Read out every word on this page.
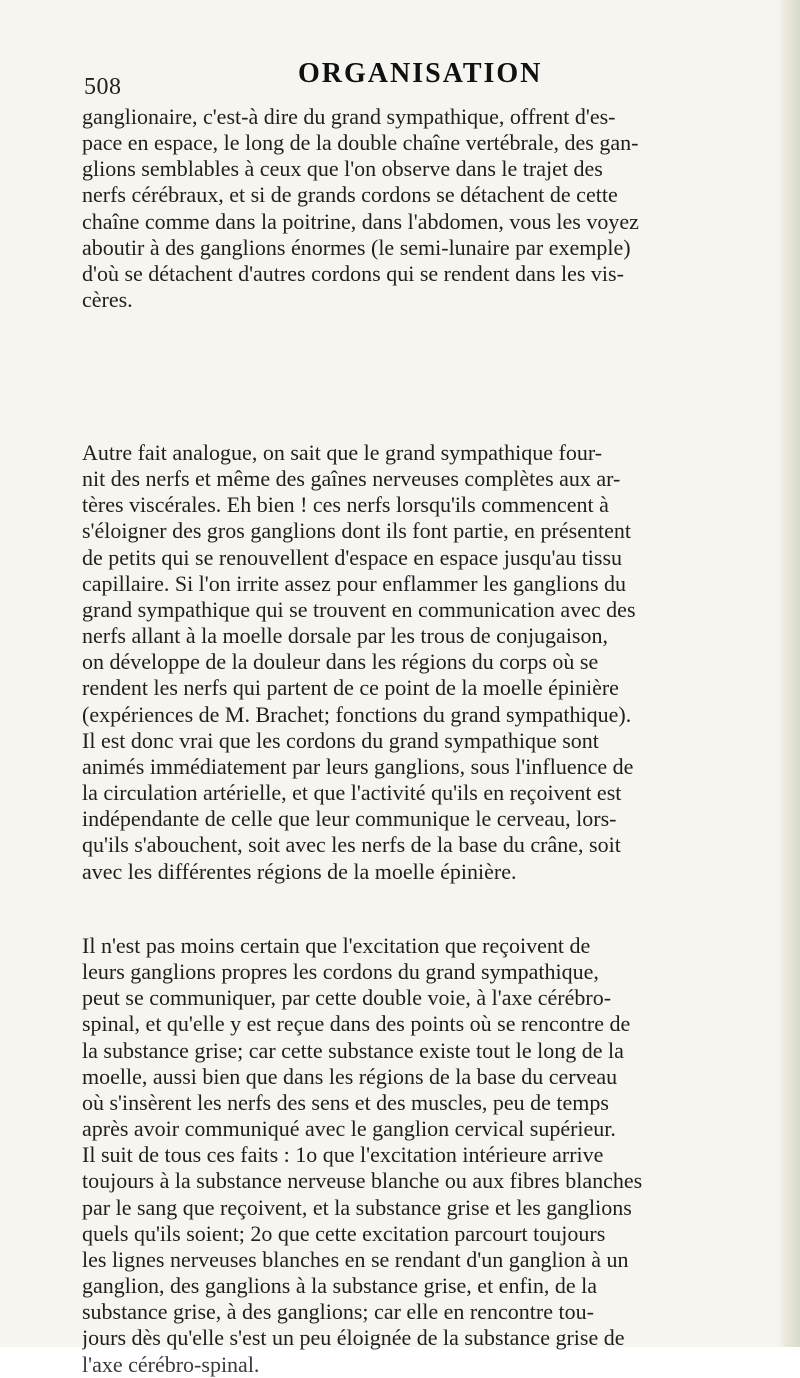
508	ORGANISATION
ganglionaire, c'est-à dire du grand sympathique, offrent d'es-
pace en espace, le long de la double chaîne vertébrale, des gan-
glions semblables à ceux que l'on observe dans le trajet des
nerfs cérébraux, et si de grands cordons se détachent de cette
chaîne comme dans la poitrine, dans l'abdomen, vous les voyez
aboutir à des ganglions énormes (le semi-lunaire par exemple)
d'où se détachent d'autres cordons qui se rendent dans les vis-
cères.
Autre fait analogue, on sait que le grand sympathique four-
nit des nerfs et même des gaînes nerveuses complètes aux ar-
tères viscérales. Eh bien ! ces nerfs lorsqu'ils commencent à
s'éloigner des gros ganglions dont ils font partie, en présentent
de petits qui se renouvellent d'espace en espace jusqu'au tissu
capillaire. Si l'on irrite assez pour enflammer les ganglions du
grand sympathique qui se trouvent en communication avec des
nerfs allant à la moelle dorsale par les trous de conjugaison,
on développe de la douleur dans les régions du corps où se
rendent les nerfs qui partent de ce point de la moelle épinière
(expériences de M. Brachet; fonctions du grand sympathique).
Il est donc vrai que les cordons du grand sympathique sont
animés immédiatement par leurs ganglions, sous l'influence de
la circulation artérielle, et que l'activité qu'ils en reçoivent est
indépendante de celle que leur communique le cerveau, lors-
qu'ils s'abouchent, soit avec les nerfs de la base du crâne, soit
avec les différentes régions de la moelle épinière.
Il n'est pas moins certain que l'excitation que reçoivent de
leurs ganglions propres les cordons du grand sympathique,
peut se communiquer, par cette double voie, à l'axe cérébro-
spinal, et qu'elle y est reçue dans des points où se rencontre de
la substance grise; car cette substance existe tout le long de la
moelle, aussi bien que dans les régions de la base du cerveau
où s'insèrent les nerfs des sens et des muscles, peu de temps
après avoir communiqué avec le ganglion cervical supérieur.
Il suit de tous ces faits : 1o que l'excitation intérieure arrive
toujours à la substance nerveuse blanche ou aux fibres blanches
par le sang que reçoivent, et la substance grise et les ganglions
quels qu'ils soient; 2o que cette excitation parcourt toujours
les lignes nerveuses blanches en se rendant d'un ganglion à un
ganglion, des ganglions à la substance grise, et enfin, de la
substance grise, à des ganglions; car elle en rencontre tou-
jours dès qu'elle s'est un peu éloignée de la substance grise de
l'axe cérébro-spinal.
